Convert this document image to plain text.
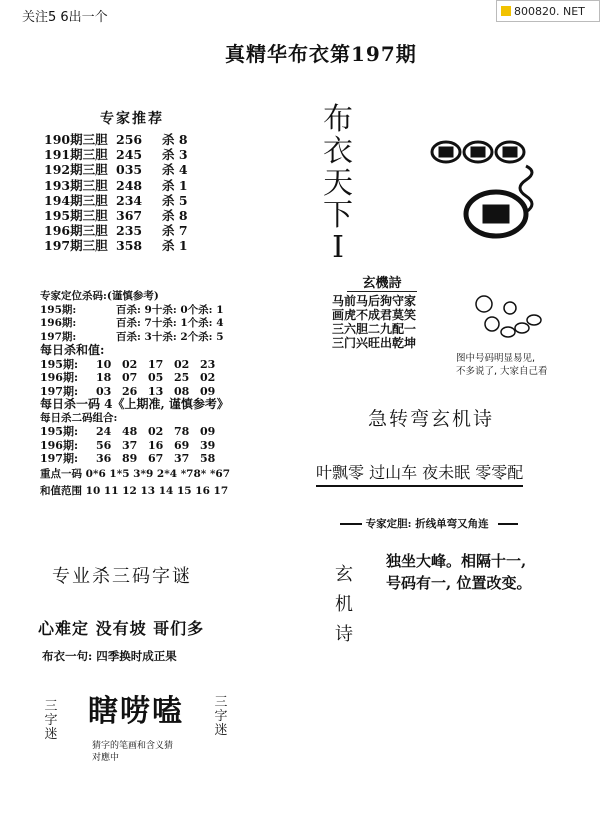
800820. NET
关注5 6出一个
真精华布衣第197期
专家推荐
190期三胆 256	杀 8
191期三胆 245	杀 3
192期三胆 035	杀 4
193期三胆 248	杀 1
194期三胆 234	杀 5
195期三胆 367	杀 8
196期三胆 235	杀 7
197期三胆 358	杀 1
专家定位杀码:(谨慎参考)
195期:	百杀: 9十杀: 0个杀: 1
196期:	百杀: 7十杀: 1个杀: 4
197期:	百杀: 3十杀: 2个杀: 5
每日杀和值:
195期:	10 02 17 02 23
196期:	18 07 05 25 02
197期:	03 26 13 08 09
每日杀一码 4《上期准, 谨慎参考》
每日杀二码组合:
195期:	24 48 02 78 09
196期:	56 37 16 69 39
197期:	36 89 67 37 58
重点一码 0*6 1*5 3*9 2*4 *78* *67
和值范围 10 11 12 13 14 15 16 17
布
衣
天
下
I
玄機詩
马前马后狗守家
画虎不成君莫笑
三六胆二九配一
三门兴旺出乾坤
图中号码明显易见,
不多说了, 大家自己看
急转弯玄机诗
叶飘零 过山车 夜未眠 零零配
专家定胆: 折线单弯又角连
玄
机
诗
独坐大峰。相隔十一,
号码有一, 位置改变。
专业杀三码字谜
心难定 没有坡 哥们多
布衣一句: 四季换时成正果
三
字
迷
三
字
迷
瞎唠嗑
猜字的笔画和含义猜
对應中
